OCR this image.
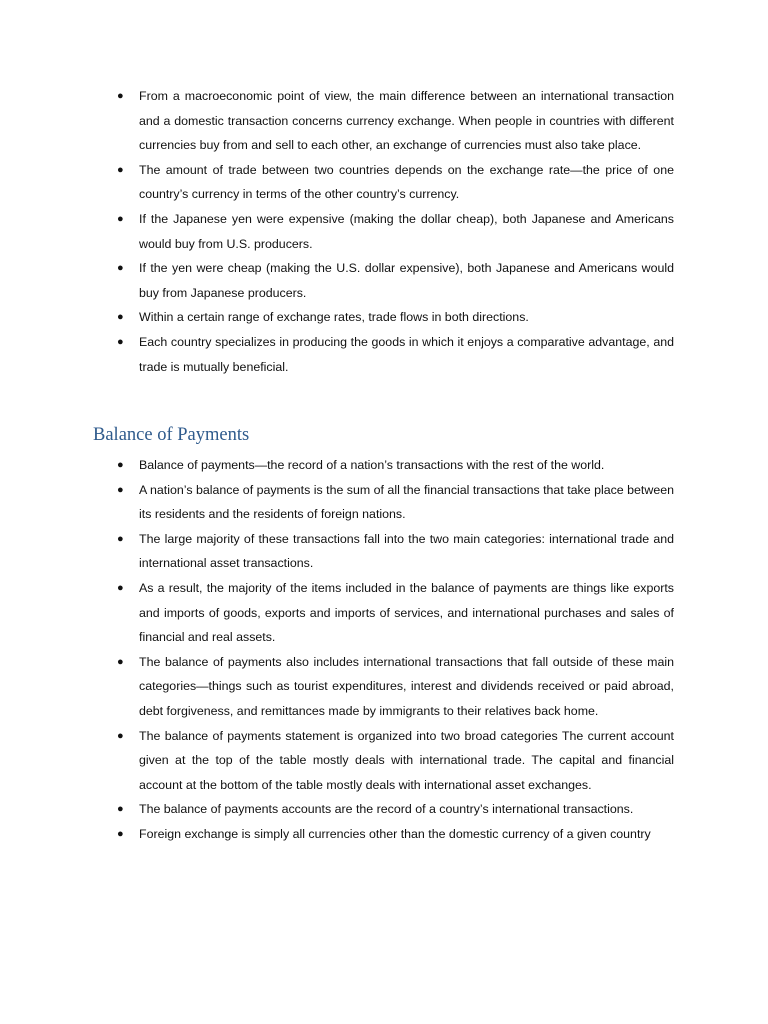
● From a macroeconomic point of view, the main difference between an international transaction and a domestic transaction concerns currency exchange. When people in countries with different currencies buy from and sell to each other, an exchange of currencies must also take place.
● The amount of trade between two countries depends on the exchange rate—the price of one country’s currency in terms of the other country’s currency.
● If the Japanese yen were expensive (making the dollar cheap), both Japanese and Americans would buy from U.S. producers.
● If the yen were cheap (making the U.S. dollar expensive), both Japanese and Americans would buy from Japanese producers.
● Within a certain range of exchange rates, trade flows in both directions.
● Each country specializes in producing the goods in which it enjoys a comparative advantage, and trade is mutually beneficial.
Balance of Payments
● Balance of payments—the record of a nation’s transactions with the rest of the world.
● A nation’s balance of payments is the sum of all the financial transactions that take place between its residents and the residents of foreign nations.
● The large majority of these transactions fall into the two main categories: international trade and international asset transactions.
● As a result, the majority of the items included in the balance of payments are things like exports and imports of goods, exports and imports of services, and international purchases and sales of financial and real assets.
● The balance of payments also includes international transactions that fall outside of these main categories—things such as tourist expenditures, interest and dividends received or paid abroad, debt forgiveness, and remittances made by immigrants to their relatives back home.
● The balance of payments statement is organized into two broad categories The current account given at the top of the table mostly deals with international trade. The capital and financial account at the bottom of the table mostly deals with international asset exchanges.
● The balance of payments accounts are the record of a country’s international transactions.
● Foreign exchange is simply all currencies other than the domestic currency of a given country
